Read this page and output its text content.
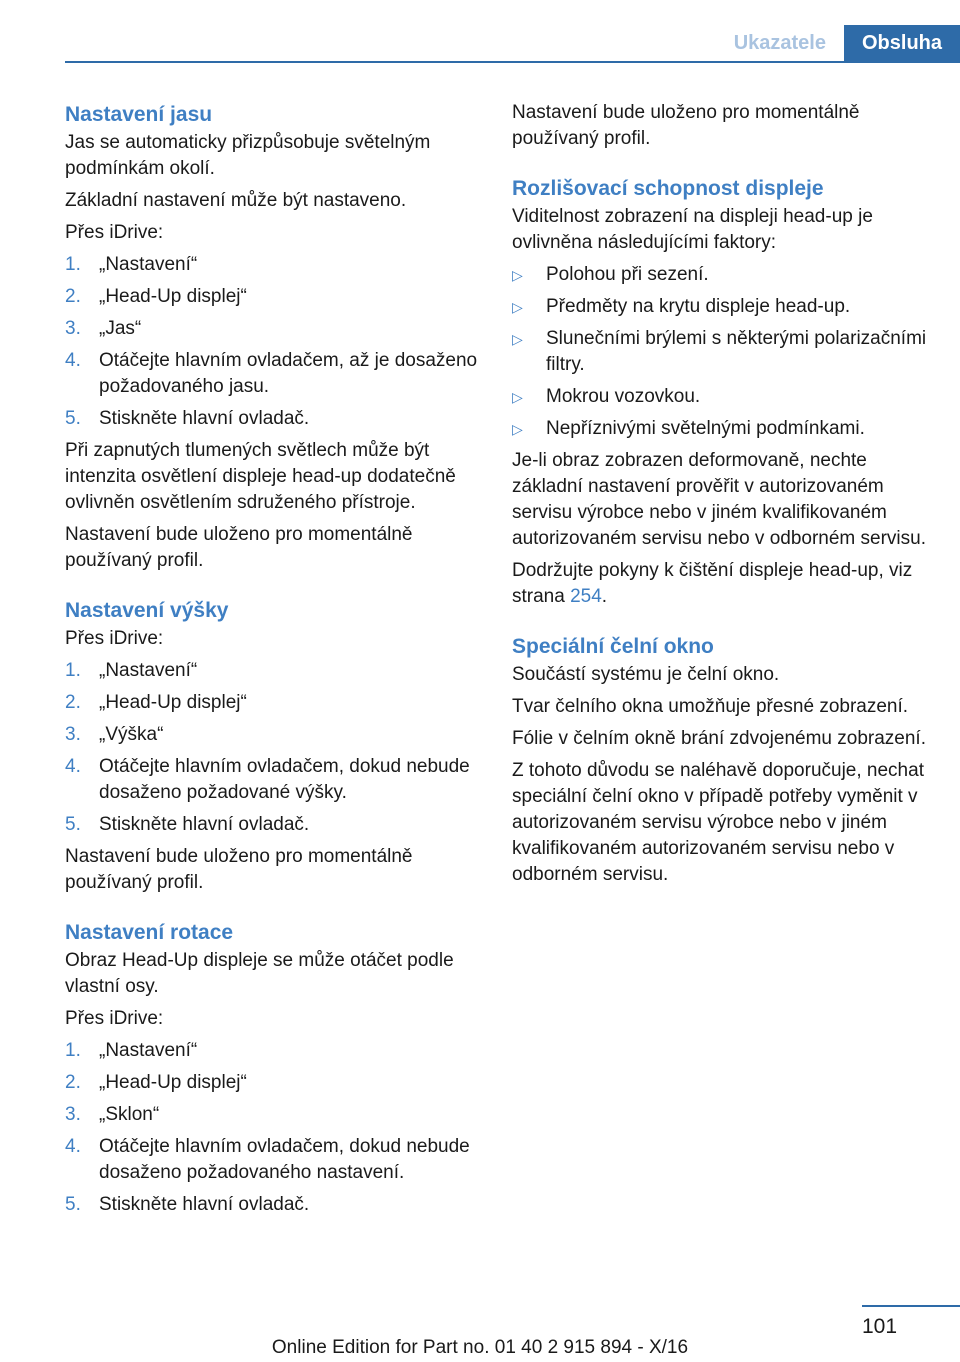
Ukazatele	Obsluha
Nastavení jasu

Jas se automaticky přizpůsobuje světelným podmínkám okolí.

Základní nastavení může být nastaveno.

Přes iDrive:

1. „Nastavení“
2. „Head-Up displej“
3. „Jas“
4. Otáčejte hlavním ovladačem, až je dosaženo požadovaného jasu.
5. Stiskněte hlavní ovladač.

Při zapnutých tlumených světlech může být intenzita osvětlení displeje head-up dodatečně ovlivněn osvětlením sdruženého přístroje.

Nastavení bude uloženo pro momentálně používaný profil.

Nastavení výšky

Přes iDrive:

1. „Nastavení“
2. „Head-Up displej“
3. „Výška“
4. Otáčejte hlavním ovladačem, dokud nebude dosaženo požadované výšky.
5. Stiskněte hlavní ovladač.

Nastavení bude uloženo pro momentálně používaný profil.

Nastavení rotace

Obraz Head-Up displeje se může otáčet podle vlastní osy.

Přes iDrive:

1. „Nastavení“
2. „Head-Up displej“
3. „Sklon“
4. Otáčejte hlavním ovladačem, dokud nebude dosaženo požadovaného nastavení.
5. Stiskněte hlavní ovladač.

Nastavení bude uloženo pro momentálně používaný profil.

Rozlišovací schopnost displeje

Viditelnost zobrazení na displeji head-up je ovlivněna následujícími faktory:

▷ Polohou při sezení.
▷ Předměty na krytu displeje head-up.
▷ Slunečními brýlemi s některými polarizačními filtry.
▷ Mokrou vozovkou.
▷ Nepříznivými světelnými podmínkami.

Je-li obraz zobrazen deformovaně, nechte základní nastavení prověřit v autorizovaném servisu výrobce nebo v jiném kvalifikovaném autorizovaném servisu nebo v odborném servisu.

Dodržujte pokyny k čištění displeje head-up, viz strana 254.

Speciální čelní okno

Součástí systému je čelní okno.

Tvar čelního okna umožňuje přesné zobrazení.

Fólie v čelním okně brání zdvojenému zobrazení.

Z tohoto důvodu se naléhavě doporučuje, nechat speciální čelní okno v případě potřeby vyměnit v autorizovaném servisu výrobce nebo v jiném kvalifikovaném autorizovaném servisu nebo v odborném servisu.

101
Online Edition for Part no. 01 40 2 915 894 - X/16
